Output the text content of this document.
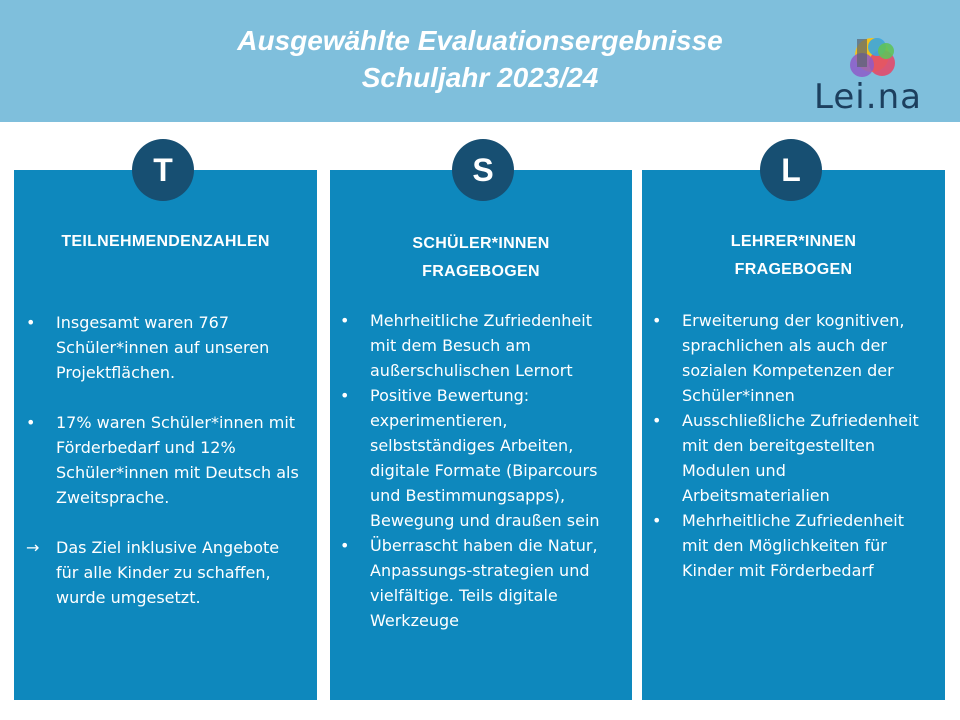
Ausgewählte Evaluationsergebnisse
Schuljahr 2023/24	Lei.na
TEILNEHMENDENZAHLEN
•	Insgesamt waren 767 Schüler*innen auf unseren Projektflächen.
•	17% waren Schüler*innen mit Förderbedarf und 12% Schüler*innen mit Deutsch als Zweitsprache.
→	Das Ziel inklusive Angebote für alle Kinder zu schaffen, wurde umgesetzt.
T
SCHÜLER*INNEN
FRAGEBOGEN
•	Mehrheitliche Zufriedenheit mit dem Besuch am außerschulischen Lernort
•	Positive Bewertung: experimentieren, selbstständiges Arbeiten, digitale Formate (Biparcours und Bestimmungsapps), Bewegung und draußen sein
•	Überrascht haben die Natur, Anpassungs-strategien und vielfältige. Teils digitale Werkzeuge
S
LEHRER*INNEN
FRAGEBOGEN
•	Erweiterung der kognitiven, sprachlichen als auch der sozialen Kompetenzen der Schüler*innen
•	Ausschließliche Zufriedenheit mit den bereitgestellten Modulen und Arbeitsmaterialien
•	Mehrheitliche Zufriedenheit mit den Möglichkeiten für Kinder mit Förderbedarf
L
